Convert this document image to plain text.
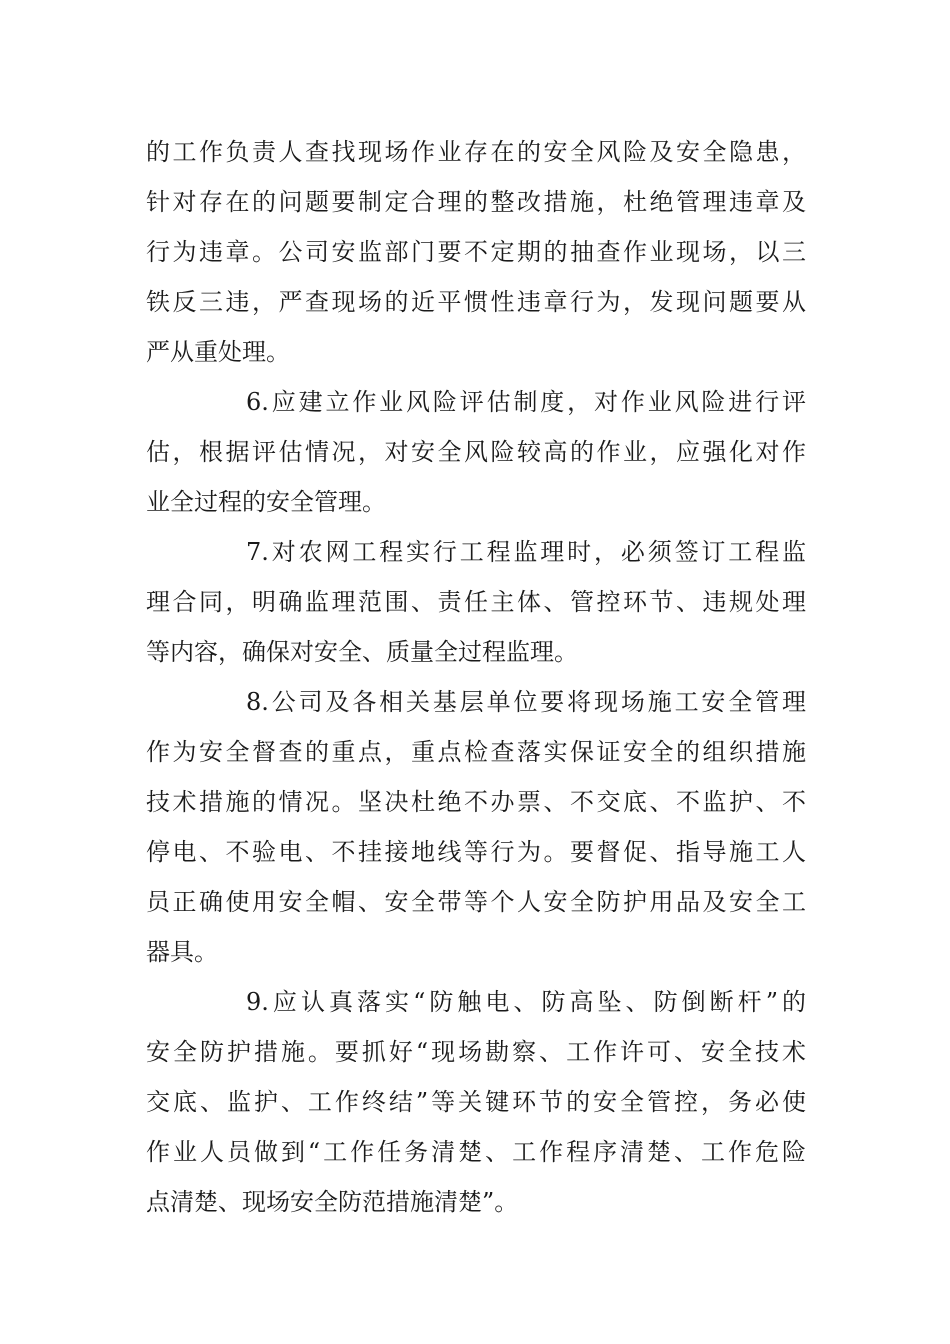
的工作负责人查找现场作业存在的安全风险及安全隐患，
针对存在的问题要制定合理的整改措施，杜绝管理违章及
行为违章。公司安监部门要不定期的抽查作业现场，以三
铁反三违，严查现场的近平惯性违章行为，发现问题要从
严从重处理。
6.应建立作业风险评估制度，对作业风险进行评
估，根据评估情况，对安全风险较高的作业，应强化对作
业全过程的安全管理。
7.对农网工程实行工程监理时，必须签订工程监
理合同，明确监理范围、责任主体、管控环节、违规处理
等内容，确保对安全、质量全过程监理。
8.公司及各相关基层单位要将现场施工安全管理
作为安全督查的重点，重点检查落实保证安全的组织措施
技术措施的情况。坚决杜绝不办票、不交底、不监护、不
停电、不验电、不挂接地线等行为。要督促、指导施工人
员正确使用安全帽、安全带等个人安全防护用品及安全工
器具。
9.应认真落实“防触电、防高坠、防倒断杆”的
安全防护措施。要抓好“现场勘察、工作许可、安全技术
交底、监护、工作终结”等关键环节的安全管控，务必使
作业人员做到“工作任务清楚、工作程序清楚、工作危险
点清楚、现场安全防范措施清楚”。
